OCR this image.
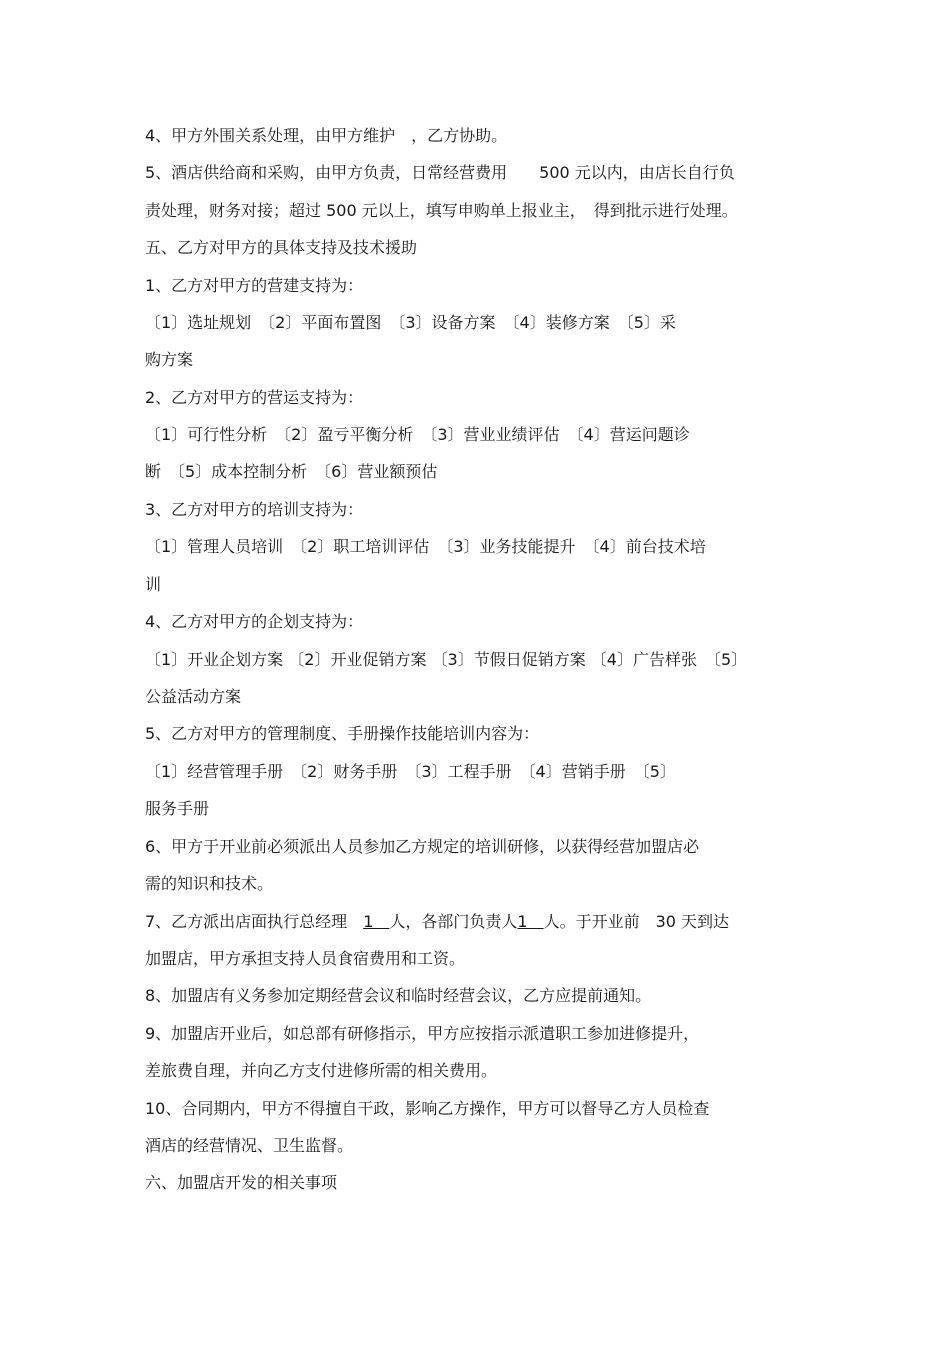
4、甲方外围关系处理，由甲方维护　，乙方协助。
5、酒店供给商和采购，由甲方负责，日常经营费用　　500 元以内，由店长自行负
责处理，财务对接；超过 500 元以上，填写申购单上报业主，　得到批示进行处理。
五、乙方对甲方的具体支持及技术援助
1、乙方对甲方的营建支持为：
〔1〕选址规划　〔2〕平面布置图　〔3〕设备方案　〔4〕装修方案　〔5〕采
购方案
2、乙方对甲方的营运支持为：
〔1〕可行性分析　〔2〕盈亏平衡分析　〔3〕营业业绩评估　〔4〕营运问题诊
断　〔5〕成本控制分析　〔6〕营业额预估
3、乙方对甲方的培训支持为：
〔1〕管理人员培训　〔2〕职工培训评估　〔3〕业务技能提升　〔4〕前台技术培
训
4、乙方对甲方的企划支持为：
〔1〕开业企划方案 〔2〕开业促销方案 〔3〕节假日促销方案 〔4〕广告样张　〔5〕
公益活动方案
5、乙方对甲方的管理制度、手册操作技能培训内容为：
〔1〕经营管理手册　〔2〕财务手册　〔3〕工程手册　〔4〕营销手册　〔5〕
服务手册
6、甲方于开业前必须派出人员参加乙方规定的培训研修，以获得经营加盟店必
需的知识和技术。
7、乙方派出店面执行总经理　1　人，各部门负责人1　人。于开业前　30 天到达
加盟店，甲方承担支持人员食宿费用和工资。
8、加盟店有义务参加定期经营会议和临时经营会议，乙方应提前通知。
9、加盟店开业后，如总部有研修指示，甲方应按指示派遣职工参加进修提升，
差旅费自理，并向乙方支付进修所需的相关费用。
10、合同期内，甲方不得擅自干政，影响乙方操作，甲方可以督导乙方人员检查
酒店的经营情况、卫生监督。
六、加盟店开发的相关事项
